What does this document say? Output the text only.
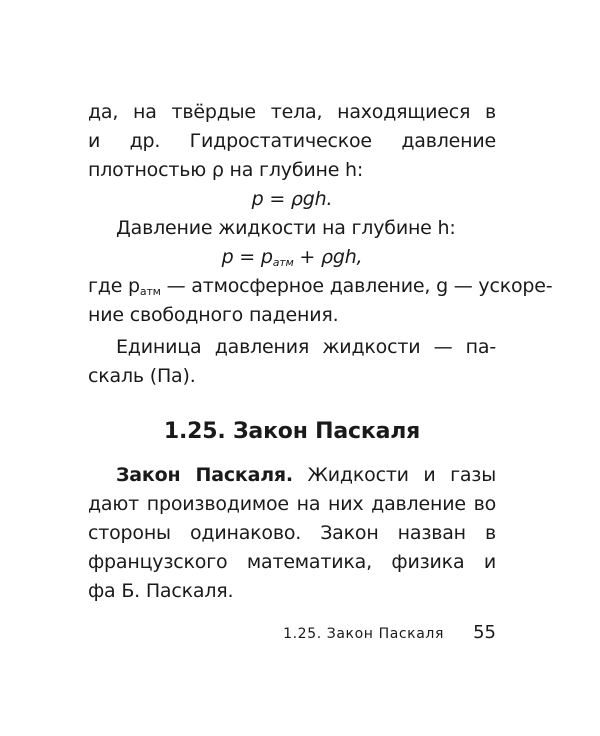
да, на твёрдые тела, находящиеся в
и др. Гидростатическое давление
плотностью ρ на глубине h:
p = ρgh.
Давление жидкости на глубине h:
$p = p_{атм} + \rho gh$,
где $p_{атм}$ — атмосферное давление, g — ускоре-
ние свободного падения.
Единица давления жидкости — па-
скаль (Па).
1.25. Закон Паскаля
Закон Паскаля. Жидкости и газы
дают производимое на них давление во
стороны одинаково. Закон назван в
французского математика, физика и
фа Б. Паскаля.
1.25. Закон Паскаля 55
